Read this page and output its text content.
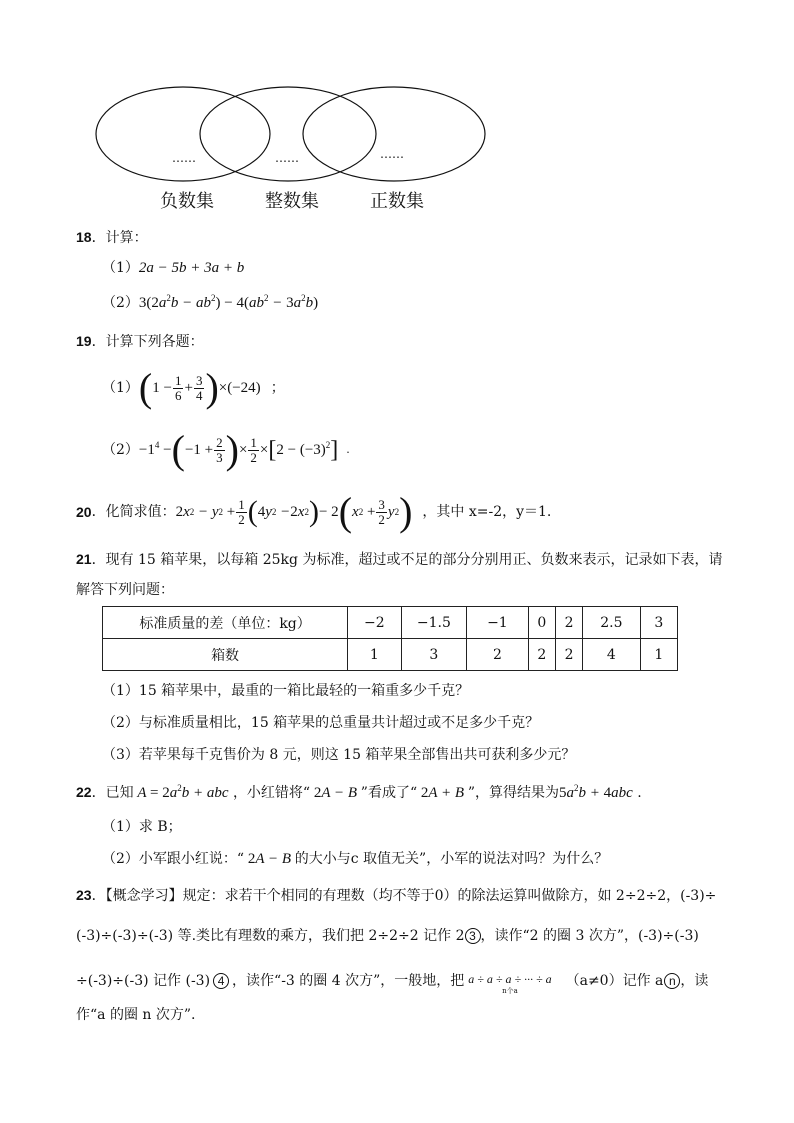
……	……	……
负数集	整数集	正数集
18．计算：
（1）2a − 5b + 3a + b
$(2)3(2a^2b - ab^2) - 4(ab^2 - 3a^2b)$
19．计算下列各题：
（1） ( $1 - \frac{1}{6} + \frac{3}{4}$ ) ×(−24) ；
$(2) -1^4$ − ( $-1 + \frac{2}{3}$ ) × $\frac{1}{2}$ × [ $2 - (-3)^2$ ] .
20 ．化简求值： 2 x 2 − y $2 + \frac{1}{2}$ ( 4 y 2 − 2 x 2 ) − 2 ( x $2 + \frac{3}{2}$ y 2 ) ，其中 x=-2，y＝1.
21．现有 15 箱苹果，以每箱 25kg 为标准，超过或不足的部分分别用正、负数来表示，记录如下表，请
解答下列问题：
标准质量的差（单位：kg）	−2	−1.5	−1	0	2	2.5	3
箱数	1	3	2	2	2	4	1
（1）15 箱苹果中，最重的一箱比最轻的一箱重多少千克？
（2）与标准质量相比，15 箱苹果的总重量共计超过或不足多少千克？
（3）若苹果每千克售价为 8 元，则这 15 箱苹果全部售出共可获利多少元？
22．已知 $A = 2a^2b$ + abc ，小红错将“ 2A − B ”看成了“ 2A + B ”，算得结果为$5a^2b + 4abc$ .
（1）求 B；
（2）小军跟小红说：“ 2A − B 的大小与c 取值无关”，小军的说法对吗？为什么？
23．【概念学习】规定：求若干个相同的有理数（均不等于0）的除法运算叫做除方，如 2÷2÷2，(-3)÷
(-3)÷(-3)÷(-3) 等.类比有理数的乘方，我们把 2÷2÷2 记作 2 3 ，读作“2 的圈 3 次方”，(-3)÷(-3)
÷(-3)÷(-3) 记作 (-3) 4 ，读作“-3 的圈 4 次方”，一般地，把 a ÷ a ÷ a ÷ ··· ÷ a
n个a
（a≠0）记作 a n ，读
作“a 的圈 n 次方”.
